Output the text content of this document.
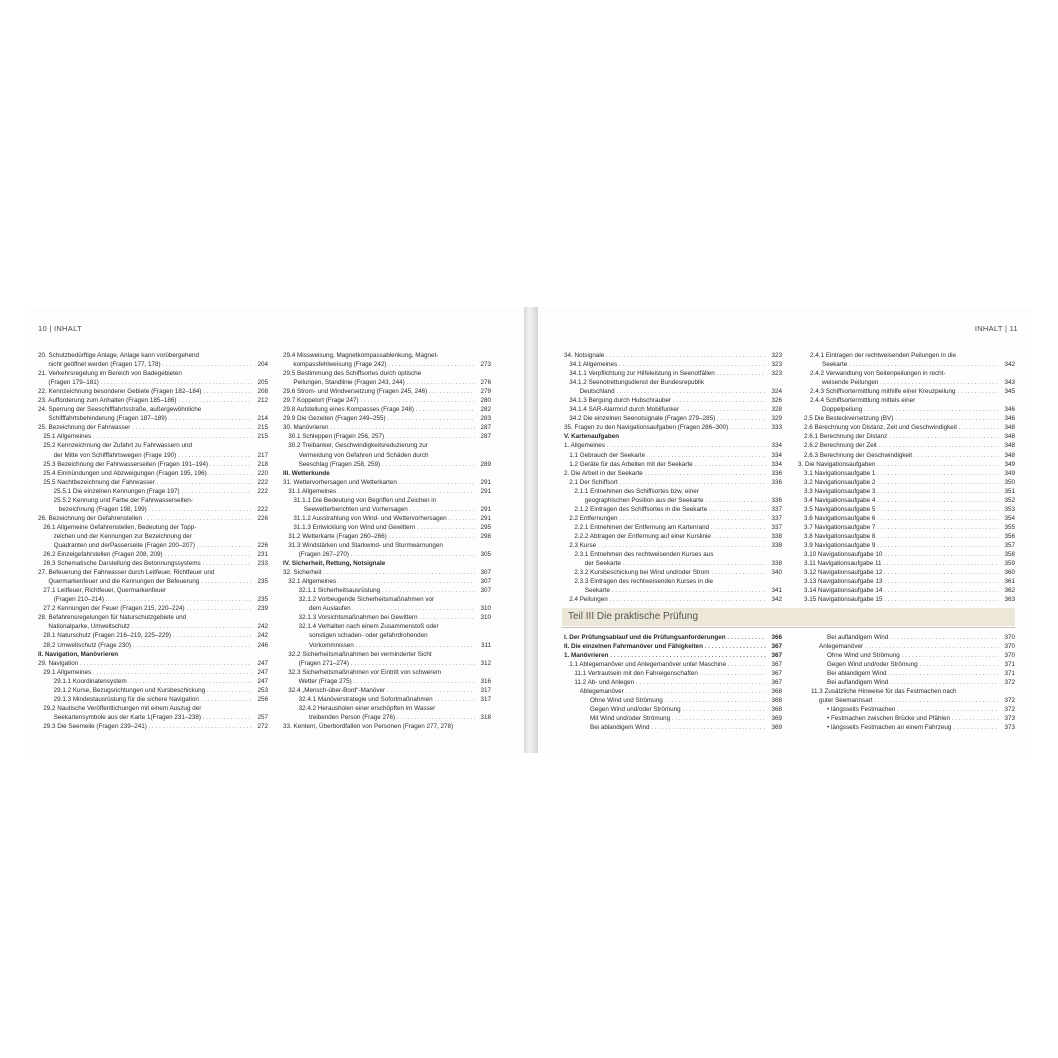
10 | INHALT
20. Schutzbedürftige Anlage, Anlage kann vorübergehend
nicht geöffnet werden (Fragen 177, 178) . . .	204
21. Verkehrsregelung im Bereich von Badegebieten
(Fragen 179–181) . . .	205
22. Kennzeichnung besonderer Gebiete (Fragen 182–184) . . .	208
23. Aufforderung zum Anhalten (Fragen 185–186) . . .	212
24. Sperrung der Seeschifffahrtsstraße, außergewöhnliche
Schifffahrtsbehinderung (Fragen 187–189) . . .	214
25. Bezeichnung der Fahrwasser . . .	215
25.1 Allgemeines . . .	215
25.2 Kennzeichnung der Zufahrt zu Fahrwassern und
der Mitte von Schifffahrtswegen (Frage 190) . . .	217
25.3 Bezeichnung der Fahrwasserseiten (Fragen 191–194) . . .	218
25.4 Einmündungen und Abzweigungen (Fragen 195, 196) . . .	220
25.5 Nachtbezeichnung der Fahrwasser . . .	222
25.5.1 Die einzelnen Kennungen (Frage 197) . . .	222
25.5.2 Kennung und Farbe der Fahrwasserseiten-
bezeichnung (Fragen 198, 199) . . .	222
26. Bezeichnung der Gefahrenstellen . . .	226
26.1 Allgemeine Gefahrenstellen, Bedeutung der Topp-
zeichen und der Kennungen zur Bezeichnung der
Quadranten und derPasserseite (Fragen 200–207) . . .	226
26.2 Einzelgefahrstellen (Fragen 208, 209) . . .	231
26.3 Schematische Darstellung des Betonnungssystems . . .	233
27. Befeuerung der Fahrwasser durch Leitfeuer, Richtfeuer und
Quermarkenfeuer und die Kennungen der Befeuerung . . .	235
27.1 Leitfeuer, Richtfeuer, Quermarkenfeuer
(Fragen 210–214) . . .	235
27.2 Kennungen der Feuer (Fragen 215, 220–224) . . .	239
28. Befahrensregelungen für Naturschutzgebiete und
Nationalparke, Umweltschutz . . .	242
28.1 Naturschutz (Fragen 216–219, 225–229) . . .	242
28.2 Umweltschutz (Frage 230) . . .	246
II. Navigation, Manövrieren
29. Navigation . . .	247
29.1 Allgemeines . . .	247
29.1.1 Koordinatensystem . . .	247
29.1.2 Kurse, Bezugsrichtungen und Kursbeschickung . . .	253
29.1.3 Mindestausrüstung für die sichere Navigation . . .	256
29.2 Nautische Veröffentlichungen mit einem Auszug der
Seekartensymbole aus der Karte 1(Fragen 231–238) . . .	257
29.3 Die Seemeile (Fragen 239–241) . . .	272
29.4 Missweisung, Magnetkompassablenkung, Magnet-
kompassfehlweisung (Frage 242) . . .	273
29.5 Bestimmung des Schiffsortes durch optische
Peilungen, Standlinie (Fragen 243, 244) . . .	276
29.6 Strom- und Windversetzung (Fragen 245, 246) . . .	279
29.7 Koppelort (Frage 247) . . .	280
29.8 Aufstellung eines Kompasses (Frage 248) . . .	282
29.9 Die Gezeiten (Fragen 249–255) . . .	283
30. Manövrieren . . .	287
30.1 Schleppen (Fragen 256, 257) . . .	287
30.2 Treibanker, Geschwindigkeitsreduzierung zur
Vermeidung von Gefahren und Schäden durch
Seeschlag (Fragen 258, 259) . . .	289
III. Wetterkunde
31. Wettervorhersagen und Wetterkarten . . .	291
31.1 Allgemeines . . .	291
31.1.1 Die Bedeutung von Begriffen und Zeichen in
Seewetterberichten und Vorhersagen . . .	291
31.1.2 Ausstrahlung von Wind- und Wettervorhersagen . . .	291
31.1.3 Entwicklung von Wind und Gewittern . . .	295
31.2 Wetterkarte (Fragen 260–266) . . .	298
31.3 Windstärken und Starkwind- und Sturmwarnungen
(Fragen 267–270) . . .	305
IV. Sicherheit, Rettung, Notsignale
32. Sicherheit . . .	307
32.1 Allgemeines . . .	307
32.1.1 Sicherheitsausrüstung . . .	307
32.1.2 Vorbeugende Sicherheitsmaßnahmen vor
dem Auslaufen . . .	310
32.1.3 Vorsichtsmaßnahmen bei Gewittern . . .	310
32.1.4 Verhalten nach einem Zusammenstoß oder
sonstigen schaden- oder gefahrdrohenden
Vorkommnissen . . .	311
32.2 Sicherheitsmaßnahmen bei verminderter Sicht
(Fragen 271–274) . . .	312
32.3 Sicherheitsmaßnahmen vor Eintritt von schwerem
Wetter (Frage 275) . . .	316
32.4 „Mensch-über-Bord“-Manöver . . .	317
32.4.1 Manöverstrategie und Sofortmaßnahmen . . .	317
32.4.2 Herausholen einer erschöpften im Wasser
treibenden Person (Frage 276) . . .	318
33. Kentern, Überbordfallen von Personen (Fragen 277, 278)
INHALT | 11
34. Notsignale . . .	323
34.1 Allgemeines . . .	323
34.1.1 Verpflichtung zur Hilfeleistung in Seenotfällen . . .	323
34.1.2 Seenotrettungsdienst der Bundesrepublik
Deutschland . . .	324
34.1.3 Bergung durch Hubschrauber . . .	326
34.1.4 SAR-Alarmruf durch Mobilfunker . . .	328
34.2 Die einzelnen Seenotsignale (Fragen 279–285) . . .	329
35. Fragen zu den Navigationsaufgaben (Fragen 286–300) . . .	333
V. Kartenaufgaben
1. Allgemeines . . .	334
1.1 Gebrauch der Seekarte . . .	334
1.2 Geräte für das Arbeiten mit der Seekarte . . .	334
2. Die Arbeit in der Seekarte . . .	336
2.1 Der Schiffsort . . .	336
2.1.1 Entnehmen des Schiffsortes bzw. einer
geographischen Position aus der Seekarte . . .	336
2.1.2 Eintragen des Schiffsortes in die Seekarte . . .	337
2.2 Entfernungen . . .	337
2.2.1 Entnehmen der Entfernung am Kartenrand . . .	337
2.2.2 Abtragen der Entfernung auf einer Kurslinie . . .	338
2.3 Kurse . . .	338
2.3.1 Entnehmen des rechtweisenden Kurses aus
der Seekarte . . .	338
2.3.2 Kursbeschickung bei Wind und/oder Strom . . .	340
2.3.3 Eintragen des rechtweisenden Kurses in die
Seekarte . . .	341
2.4 Peilungen . . .	342
2.4.1 Eintragen der rechtweisenden Peilungen in die
Seekarte . . .	342
2.4.2 Verwandlung von Seitenpeilungen in recht-
weisende Peilungen . . .	343
2.4.3 Schiffsortermittlung mithilfe einer Kreuzpeilung . . .	345
2.4.4 Schiffsortermittlung mittels einer
Doppelpeilung . . .	346
2.5 Die Besteckversetzung (BV) . . .	346
2.6 Berechnung von Distanz, Zeit und Geschwindigkeit . . .	348
2.6.1 Berechnung der Distanz . . .	348
2.6.2 Berechnung der Zeit . . .	348
2.6.3 Berechnung der Geschwindigkeit . . .	348
3. Die Navigationsaufgaben . . .	349
3.1 Navigationsaufgabe 1 . . .	349
3.2 Navigationsaufgabe 2 . . .	350
3.3 Navigationsaufgabe 3 . . .	351
3.4 Navigationsaufgabe 4 . . .	352
3.5 Navigationsaufgabe 5 . . .	353
3.6 Navigationsaufgabe 6 . . .	354
3.7 Navigationsaufgabe 7 . . .	355
3.8 Navigationsaufgabe 8 . . .	356
3.9 Navigationsaufgabe 9 . . .	357
3.10 Navigationsaufgabe 10 . . .	358
3.11 Navigationsaufgabe 11 . . .	359
3.12 Navigationsaufgabe 12 . . .	360
3.13 Navigationsaufgabe 13 . . .	361
3.14 Navigationsaufgabe 14 . . .	362
3.15 Navigationsaufgabe 15 . . .	363
Teil III Die praktische Prüfung
I. Der Prüfungsablauf und die Prüfungsanforderungen . . .	366
II. Die einzelnen Fahrmanöver und Fähigkeiten . . .	367
1. Manövrieren . . .	367
1.1 Ablegemanöver und Anlegemanöver unter Maschine . . .	367
11.1 Vertrautsein mit den Fahreigenschaften . . .	367
11.2 Ab- und Anlegen . . .	367
Ablegemanöver . . .	368
Ohne Wind und Strömung . . .	368
Gegen Wind und/oder Strömung . . .	368
Mit Wind und/oder Strömung . . .	369
Bei ablandigem Wind . . .	369
Bei auflandigem Wind . . .	370
Anlegemanöver . . .	370
Ohne Wind und Strömung . . .	370
Gegen Wind und/oder Strömung . . .	371
Bei ablandigem Wind . . .	371
Bei auflandigem Wind . . .	372
11.3 Zusätzliche Hinweise für das Festmachen nach
guter Seemannsart . . .	372
• längsseits Festmachen . . .	372
• Festmachen zwischen Brücke und Pfählen . . .	373
• längsseits Festmachen an einem Fahrzeug . . .	373
